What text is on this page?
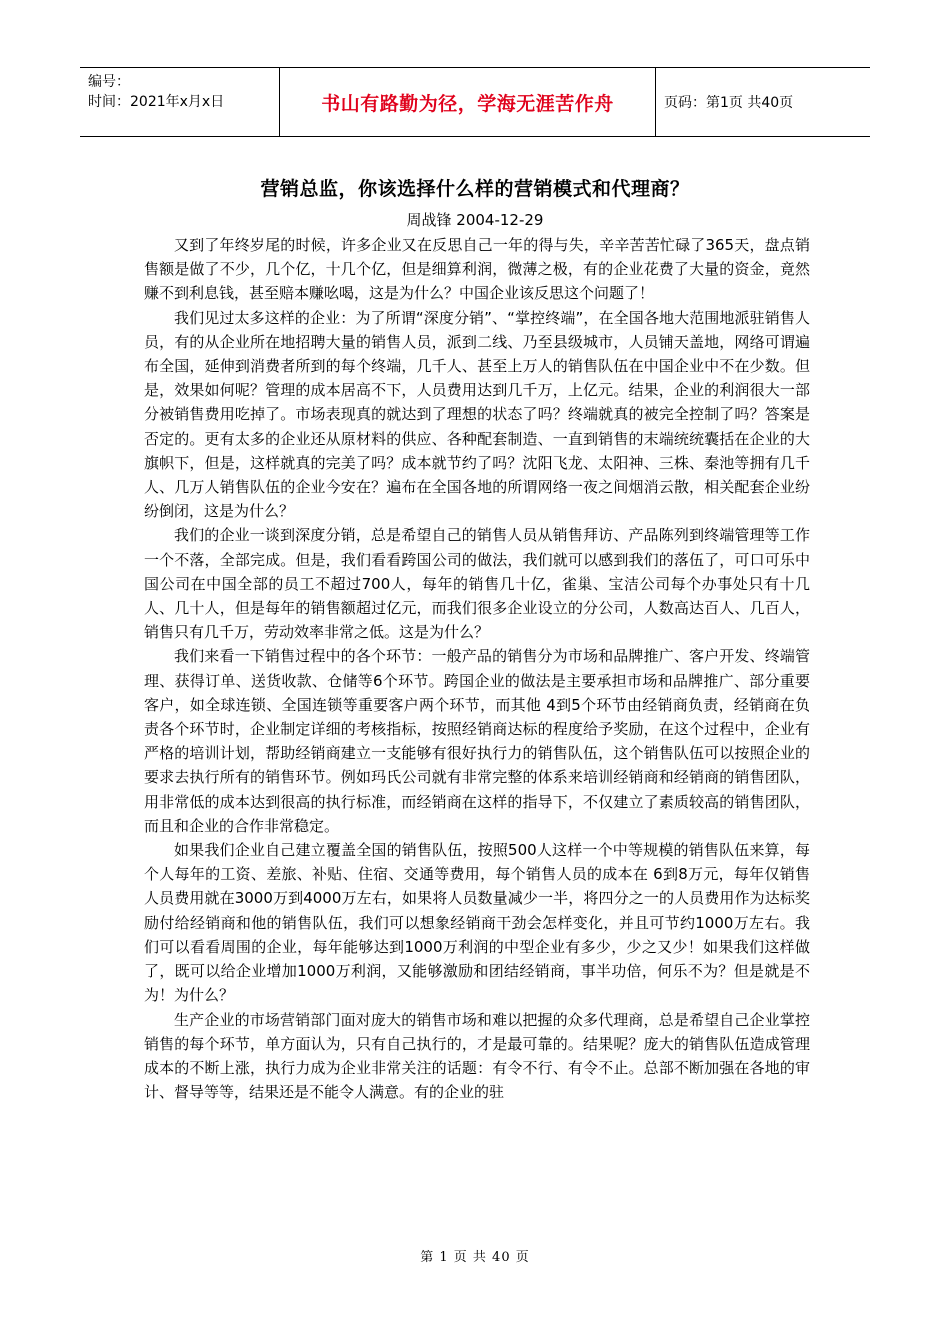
编号：
时间：2021年x月x日	书山有路勤为径，学海无涯苦作舟	页码：第1页 共40页
营销总监，你该选择什么样的营销模式和代理商？
周战锋 2004-12-29

又到了年终岁尾的时候，许多企业又在反思自己一年的得与失，辛辛苦苦忙碌了365天，盘点销售额是做了不少，几个亿，十几个亿，但是细算利润，微薄之极，有的企业花费了大量的资金，竟然赚不到利息钱，甚至赔本赚吆喝，这是为什么？中国企业该反思这个问题了！

我们见过太多这样的企业：为了所谓“深度分销”、“掌控终端”，在全国各地大范围地派驻销售人员，有的从企业所在地招聘大量的销售人员，派到二线、乃至县级城市，人员铺天盖地，网络可谓遍布全国，延伸到消费者所到的每个终端，几千人、甚至上万人的销售队伍在中国企业中不在少数。但是，效果如何呢？管理的成本居高不下，人员费用达到几千万，上亿元。结果，企业的利润很大一部分被销售费用吃掉了。市场表现真的就达到了理想的状态了吗？终端就真的被完全控制了吗？答案是否定的。更有太多的企业还从原材料的供应、各种配套制造、一直到销售的末端统统囊括在企业的大旗帜下，但是，这样就真的完美了吗？成本就节约了吗？沈阳飞龙、太阳神、三株、秦池等拥有几千人、几万人销售队伍的企业今安在？遍布在全国各地的所谓网络一夜之间烟消云散，相关配套企业纷纷倒闭，这是为什么？

我们的企业一谈到深度分销，总是希望自己的销售人员从销售拜访、产品陈列到终端管理等工作一个不落，全部完成。但是，我们看看跨国公司的做法，我们就可以感到我们的落伍了，可口可乐中国公司在中国全部的员工不超过700人，每年的销售几十亿，雀巢、宝洁公司每个办事处只有十几人、几十人，但是每年的销售额超过亿元，而我们很多企业设立的分公司，人数高达百人、几百人，销售只有几千万，劳动效率非常之低。这是为什么？

我们来看一下销售过程中的各个环节：一般产品的销售分为市场和品牌推广、客户开发、终端管理、获得订单、送货收款、仓储等6个环节。跨国企业的做法是主要承担市场和品牌推广、部分重要客户，如全球连锁、全国连锁等重要客户两个环节，而其他 4到5个环节由经销商负责，经销商在负责各个环节时，企业制定详细的考核指标，按照经销商达标的程度给予奖励，在这个过程中，企业有严格的培训计划，帮助经销商建立一支能够有很好执行力的销售队伍，这个销售队伍可以按照企业的要求去执行所有的销售环节。例如玛氏公司就有非常完整的体系来培训经销商和经销商的销售团队，用非常低的成本达到很高的执行标准，而经销商在这样的指导下，不仅建立了素质较高的销售团队，而且和企业的合作非常稳定。

如果我们企业自己建立覆盖全国的销售队伍，按照500人这样一个中等规模的销售队伍来算，每个人每年的工资、差旅、补贴、住宿、交通等费用，每个销售人员的成本在 6到8万元，每年仅销售人员费用就在3000万到4000万左右，如果将人员数量减少一半，将四分之一的人员费用作为达标奖励付给经销商和他的销售队伍，我们可以想象经销商干劲会怎样变化，并且可节约1000万左右。我们可以看看周围的企业，每年能够达到1000万利润的中型企业有多少，少之又少！如果我们这样做了，既可以给企业增加1000万利润，又能够激励和团结经销商，事半功倍，何乐不为？但是就是不为！为什么？

生产企业的市场营销部门面对庞大的销售市场和难以把握的众多代理商，总是希望自己企业掌控销售的每个环节，单方面认为，只有自己执行的，才是最可靠的。结果呢？庞大的销售队伍造成管理成本的不断上涨，执行力成为企业非常关注的话题：有令不行、有令不止。总部不断加强在各地的审计、督导等等，结果还是不能令人满意。有的企业的驻

第 1 页 共 40 页
